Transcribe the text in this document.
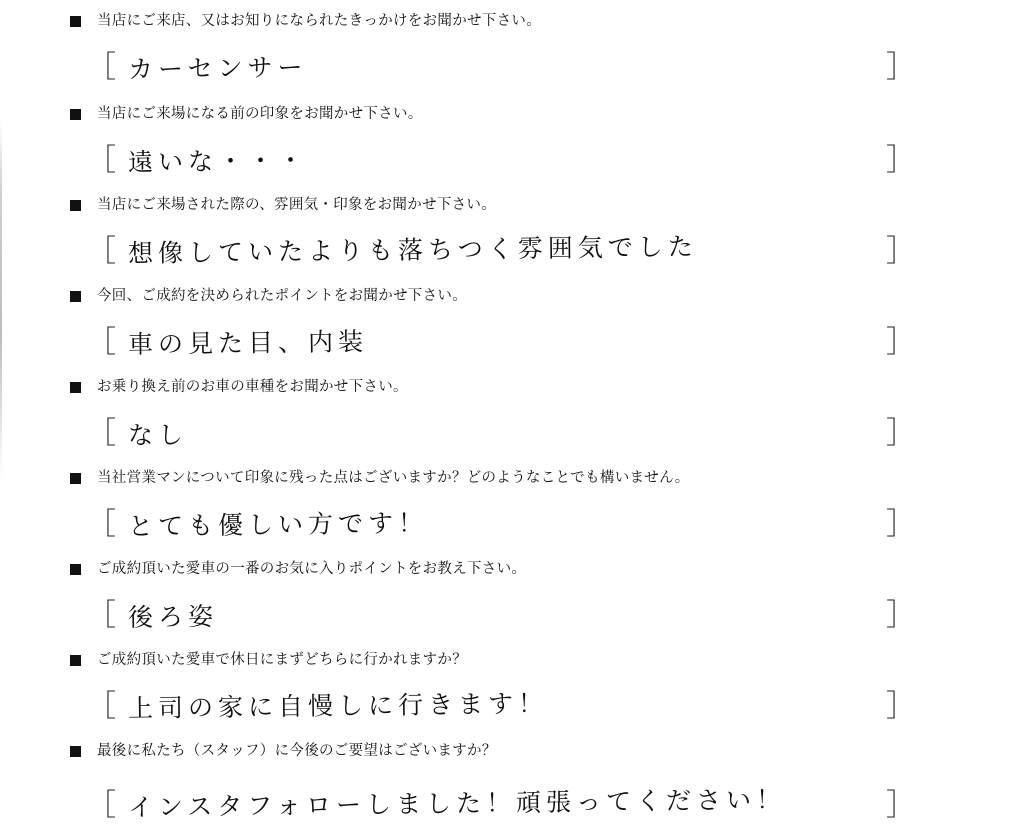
当店にご来店、又はお知りになられたきっかけをお聞かせ下さい。
［ カーセンサー	］
当店にご来場になる前の印象をお聞かせ下さい。
［ 遠いな・・・	］
当店にご来場された際の、雰囲気・印象をお聞かせ下さい。
［ 想像していたよりも落ちつく雰囲気でした	］
今回、ご成約を決められたポイントをお聞かせ下さい。
［ 車の見た目、内装	］
お乗り換え前のお車の車種をお聞かせ下さい。
［ なし	］
当社営業マンについて印象に残った点はございますか？どのようなことでも構いません。
［ とても優しい方です！	］
ご成約頂いた愛車の一番のお気に入りポイントをお教え下さい。
［ 後ろ姿	］
ご成約頂いた愛車で休日にまずどちらに行かれますか？
［ 上司の家に自慢しに行きます！	］
最後に私たち（スタッフ）に今後のご要望はございますか？
［ インスタフォローしました！頑張ってください！	］
